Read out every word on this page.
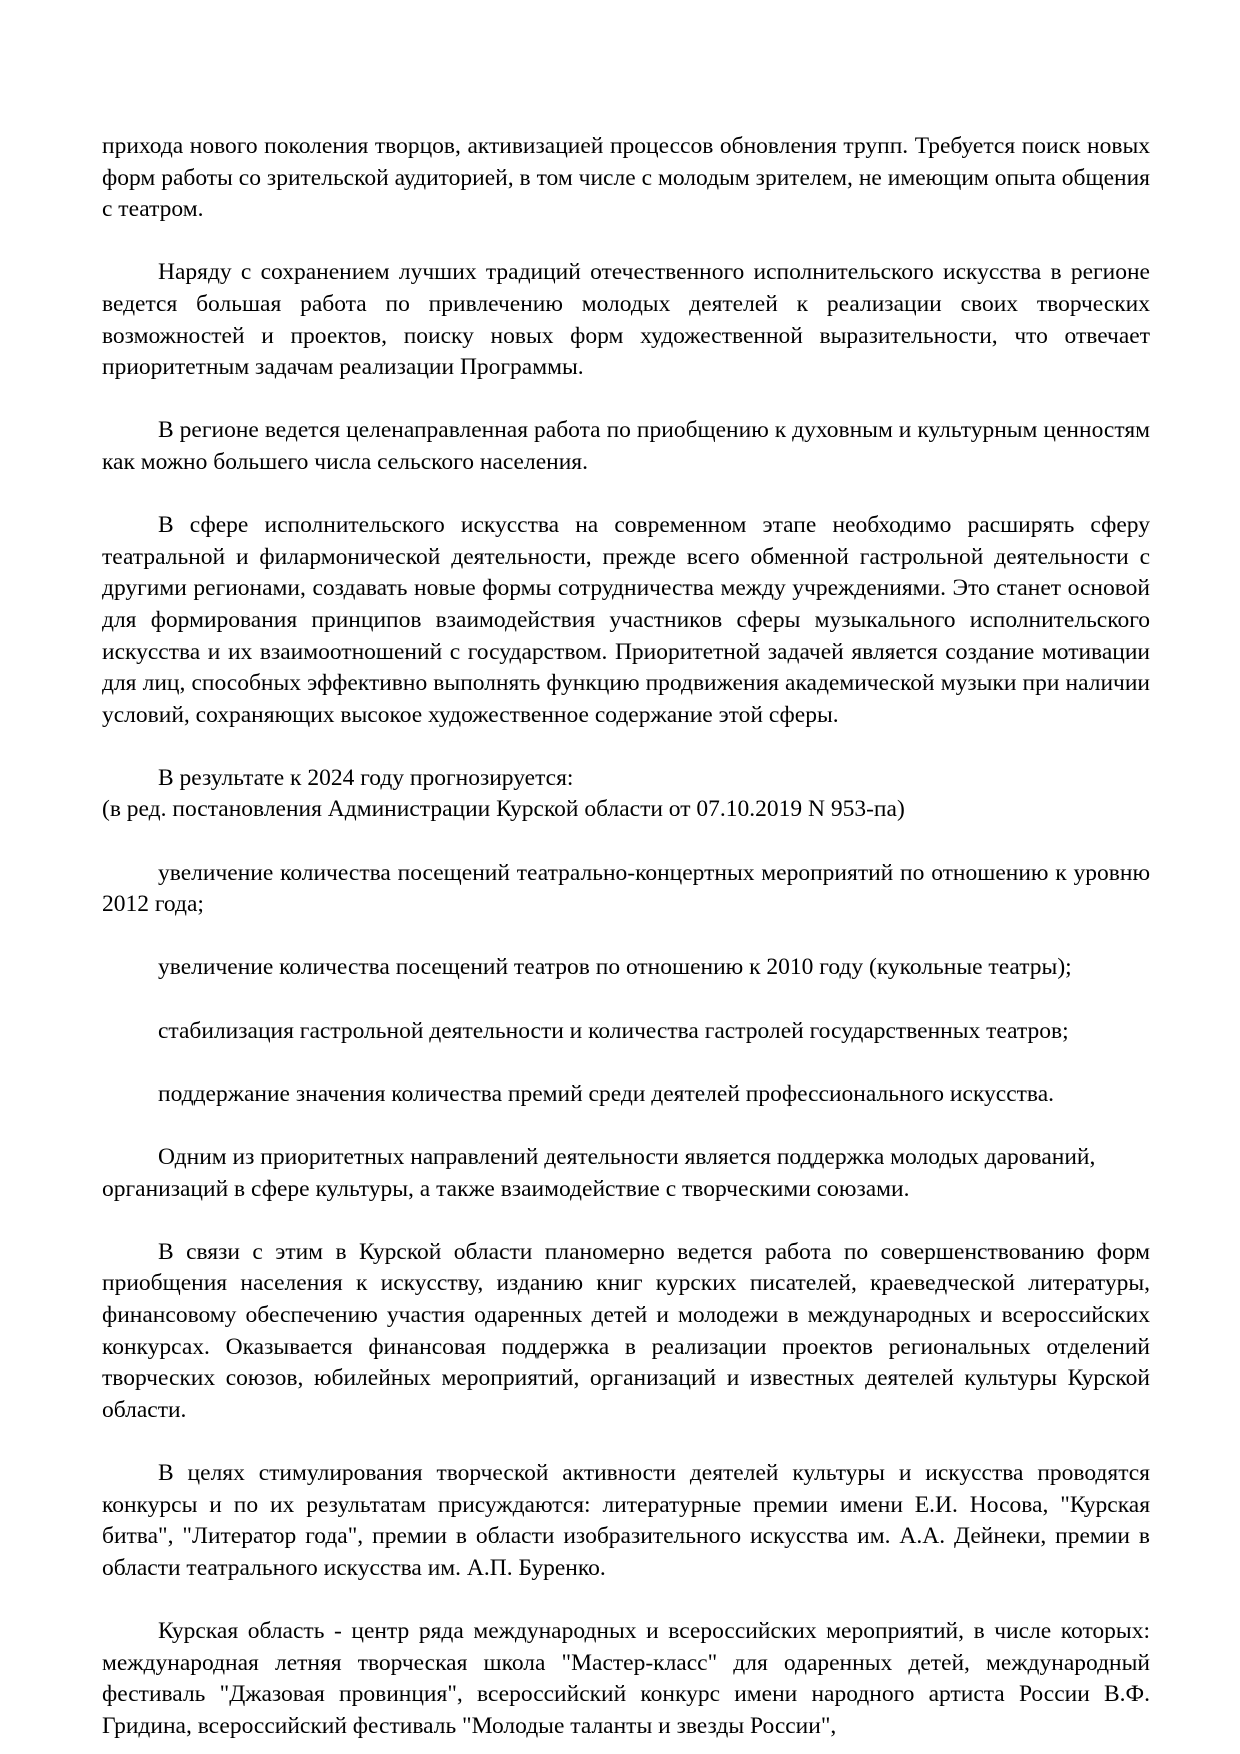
прихода нового поколения творцов, активизацией процессов обновления трупп. Требуется поиск новых форм работы со зрительской аудиторией, в том числе с молодым зрителем, не имеющим опыта общения с театром.

Наряду с сохранением лучших традиций отечественного исполнительского искусства в регионе ведется большая работа по привлечению молодых деятелей к реализации своих творческих возможностей и проектов, поиску новых форм художественной выразительности, что отвечает приоритетным задачам реализации Программы.

В регионе ведется целенаправленная работа по приобщению к духовным и культурным ценностям как можно большего числа сельского населения.

В сфере исполнительского искусства на современном этапе необходимо расширять сферу театральной и филармонической деятельности, прежде всего обменной гастрольной деятельности с другими регионами, создавать новые формы сотрудничества между учреждениями. Это станет основой для формирования принципов взаимодействия участников сферы музыкального исполнительского искусства и их взаимоотношений с государством. Приоритетной задачей является создание мотивации для лиц, способных эффективно выполнять функцию продвижения академической музыки при наличии условий, сохраняющих высокое художественное содержание этой сферы.

В результате к 2024 году прогнозируется:

(в ред. постановления Администрации Курской области от 07.10.2019 N 953-па)

увеличение количества посещений театрально-концертных мероприятий по отношению к уровню 2012 года;

увеличение количества посещений театров по отношению к 2010 году (кукольные театры);

стабилизация гастрольной деятельности и количества гастролей государственных театров;

поддержание значения количества премий среди деятелей профессионального искусства.

Одним из приоритетных направлений деятельности является поддержка молодых дарований, организаций в сфере культуры, а также взаимодействие с творческими союзами.

В связи с этим в Курской области планомерно ведется работа по совершенствованию форм приобщения населения к искусству, изданию книг курских писателей, краеведческой литературы, финансовому обеспечению участия одаренных детей и молодежи в международных и всероссийских конкурсах. Оказывается финансовая поддержка в реализации проектов региональных отделений творческих союзов, юбилейных мероприятий, организаций и известных деятелей культуры Курской области.

В целях стимулирования творческой активности деятелей культуры и искусства проводятся конкурсы и по их результатам присуждаются: литературные премии имени Е.И. Носова, "Курская битва", "Литератор года", премии в области изобразительного искусства им. А.А. Дейнеки, премии в области театрального искусства им. А.П. Буренко.

Курская область - центр ряда международных и всероссийских мероприятий, в числе которых: международная летняя творческая школа "Мастер-класс" для одаренных детей, международный фестиваль "Джазовая провинция", всероссийский конкурс имени народного артиста России В.Ф. Гридина, всероссийский фестиваль "Молодые таланты и звезды России",
